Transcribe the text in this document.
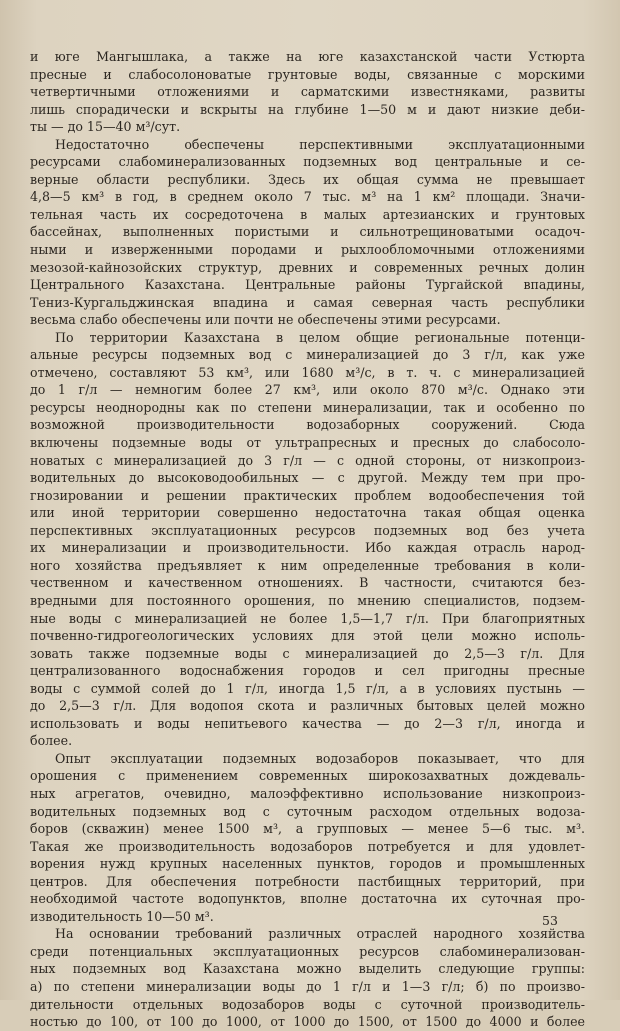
и юге Мангышлака, а также на юге казахстанской части Устюрта
пресные и слабосолоноватые грунтовые воды, связанные с морскими
четвертичными отложениями и сарматскими известняками, развиты
лишь спорадически и вскрыты на глубине 1—50 м и дают низкие деби-
ты — до 15—40 м³/сут.
Недостаточно обеспечены перспективными эксплуатационными
ресурсами слабоминерализованных подземных вод центральные и се-
верные области республики. Здесь их общая сумма не превышает
4,8—5 км³ в год, в среднем около 7 тыс. м³ на 1 км² площади. Значи-
тельная часть их сосредоточена в малых артезианских и грунтовых
бассейнах, выполненных пористыми и сильнотрещиноватыми осадоч-
ными и изверженными породами и рыхлообломочными отложениями
мезозой-кайнозойских структур, древних и современных речных долин
Центрального Казахстана. Центральные районы Тургайской впадины,
Тениз-Кургальджинская впадина и самая северная часть республики
весьма слабо обеспечены или почти не обеспечены этими ресурсами.
По территории Казахстана в целом общие региональные потенци-
альные ресурсы подземных вод с минерализацией до 3 г/л, как уже
отмечено, составляют 53 км³, или 1680 м³/с, в т. ч. с минерализацией
до 1 г/л — немногим более 27 км³, или около 870 м³/с. Однако эти
ресурсы неоднородны как по степени минерализации, так и особенно по
возможной производительности водозаборных сооружений. Сюда
включены подземные воды от ультрапресных и пресных до слабосоло-
новатых с минерализацией до 3 г/л — с одной стороны, от низкопроиз-
водительных до высоководообильных — с другой. Между тем при про-
гнозировании и решении практических проблем водообеспечения той
или иной территории совершенно недостаточна такая общая оценка
перспективных эксплуатационных ресурсов подземных вод без учета
их минерализации и производительности. Ибо каждая отрасль народ-
ного хозяйства предъявляет к ним определенные требования в коли-
чественном и качественном отношениях. В частности, считаются без-
вредными для постоянного орошения, по мнению специалистов, подзем-
ные воды с минерализацией не более 1,5—1,7 г/л. При благоприятных
почвенно-гидрогеологических условиях для этой цели можно исполь-
зовать также подземные воды с минерализацией до 2,5—3 г/л. Для
централизованного водоснабжения городов и сел пригодны пресные
воды с суммой солей до 1 г/л, иногда 1,5 г/л, а в условиях пустынь —
до 2,5—3 г/л. Для водопоя скота и различных бытовых целей можно
использовать и воды непитьевого качества — до 2—3 г/л, иногда и
более.
Опыт эксплуатации подземных водозаборов показывает, что для
орошения с применением современных широкозахватных дождеваль-
ных агрегатов, очевидно, малоэффективно использование низкопроиз-
водительных подземных вод с суточным расходом отдельных водоза-
боров (скважин) менее 1500 м³, а групповых — менее 5—6 тыс. м³.
Такая же производительность водозаборов потребуется и для удовлет-
ворения нужд крупных населенных пунктов, городов и промышленных
центров. Для обеспечения потребности пастбищных территорий, при
необходимой частоте водопунктов, вполне достаточна их суточная про-
изводительность 10—50 м³.
На основании требований различных отраслей народного хозяйства
среди потенциальных эксплуатационных ресурсов слабоминерализован-
ных подземных вод Казахстана можно выделить следующие группы:
а) по степени минерализации воды до 1 г/л и 1—3 г/л; б) по произво-
дительности отдельных водозаборов воды с суточной производитель-
ностью до 100, от 100 до 1000, от 1000 до 1500, от 1500 до 4000 и более
53
